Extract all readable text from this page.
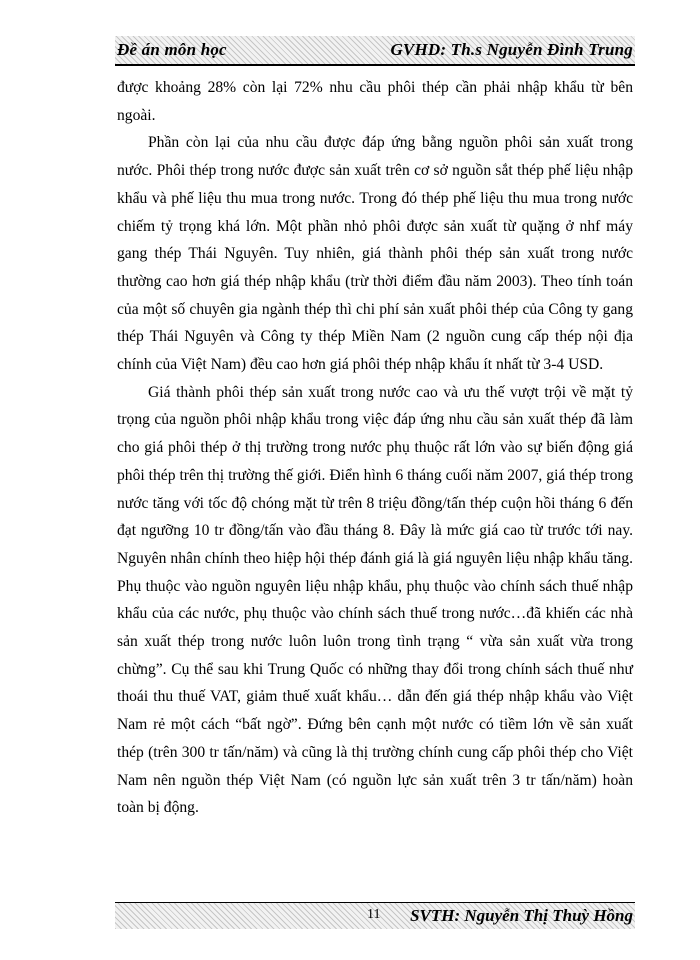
Đề án môn học	GVHD: Th.s Nguyễn Đình Trung

được khoảng 28% còn lại 72% nhu cầu phôi thép cần phải nhập khẩu từ bên ngoài.

Phần còn lại của nhu cầu được đáp ứng bằng nguồn phôi sản xuất trong nước. Phôi thép trong nước được sản xuất trên cơ sở nguồn sắt thép phế liệu nhập khẩu và phế liệu thu mua trong nước. Trong đó thép phế liệu thu mua trong nước chiếm tỷ trọng khá lớn. Một phần nhỏ phôi được sản xuất từ quặng ở nhf máy gang thép Thái Nguyên. Tuy nhiên, giá thành phôi thép sản xuất trong nước thường cao hơn giá thép nhập khẩu (trừ thời điểm đầu năm 2003). Theo tính toán của một số chuyên gia ngành thép thì chi phí sản xuất phôi thép của Công ty gang thép Thái Nguyên và Công ty thép Miền Nam (2 nguồn cung cấp thép nội địa chính của Việt Nam) đều cao hơn giá phôi thép nhập khẩu ít nhất từ 3-4 USD.

Giá thành phôi thép sản xuất trong nước cao và ưu thế vượt trội về mặt tỷ trọng của nguồn phôi nhập khẩu trong việc đáp ứng nhu cầu sản xuất thép đã làm cho giá phôi thép ở thị trường trong nước phụ thuộc rất lớn vào sự biến động giá phôi thép trên thị trường thế giới. Điển hình 6 tháng cuối năm 2007, giá thép trong nước tăng với tốc độ chóng mặt từ trên 8 triệu đồng/tấn thép cuộn hồi tháng 6 đến đạt ngưỡng 10 tr đồng/tấn vào đầu tháng 8. Đây là mức giá cao từ trước tới nay. Nguyên nhân chính theo hiệp hội thép đánh giá là giá nguyên liệu nhập khẩu tăng. Phụ thuộc vào nguồn nguyên liệu nhập khẩu, phụ thuộc vào chính sách thuế nhập khẩu của các nước, phụ thuộc vào chính sách thuế trong nước…đã khiến các nhà sản xuất thép trong nước luôn luôn trong tình trạng “ vừa sản xuất vừa trong chừng”. Cụ thể sau khi Trung Quốc có những thay đổi trong chính sách thuế như thoái thu thuế VAT, giảm thuế xuất khẩu… dẫn đến giá thép nhập khẩu vào Việt Nam rẻ một cách “bất ngờ”. Đứng bên cạnh một nước có tiềm lớn về sản xuất thép (trên 300 tr tấn/năm) và cũng là thị trường chính cung cấp phôi thép cho Việt Nam nên nguồn thép Việt Nam (có nguồn lực sản xuất trên 3 tr tấn/năm) hoàn toàn bị động.

11 SVTH: Nguyễn Thị Thuỳ Hồng
